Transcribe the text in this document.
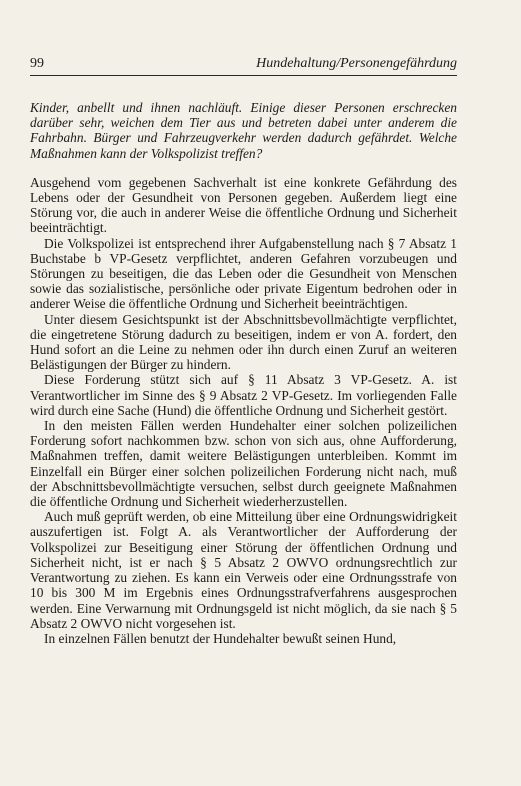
99	Hundehaltung/Personengefährdung

Kinder, anbellt und ihnen nachläuft. Einige dieser Personen erschrecken darüber sehr, weichen dem Tier aus und betreten dabei unter anderem die Fahrbahn. Bürger und Fahrzeugverkehr werden dadurch gefährdet. Welche Maßnahmen kann der Volkspolizist treffen?

Ausgehend vom gegebenen Sachverhalt ist eine konkrete Gefährdung des Lebens oder der Gesundheit von Personen gegeben. Außerdem liegt eine Störung vor, die auch in anderer Weise die öffentliche Ordnung und Sicherheit beeinträchtigt.

Die Volkspolizei ist entsprechend ihrer Aufgabenstellung nach § 7 Absatz 1 Buchstabe b VP-Gesetz verpflichtet, anderen Gefahren vorzubeugen und Störungen zu beseitigen, die das Leben oder die Gesundheit von Menschen sowie das sozialistische, persönliche oder private Eigentum bedrohen oder in anderer Weise die öffentliche Ordnung und Sicherheit beeinträchtigen.

Unter diesem Gesichtspunkt ist der Abschnittsbevollmächtigte verpflichtet, die eingetretene Störung dadurch zu beseitigen, indem er von A. fordert, den Hund sofort an die Leine zu nehmen oder ihn durch einen Zuruf an weiteren Belästigungen der Bürger zu hindern.

Diese Forderung stützt sich auf § 11 Absatz 3 VP-Gesetz. A. ist Verantwortlicher im Sinne des § 9 Absatz 2 VP-Gesetz. Im vorliegenden Falle wird durch eine Sache (Hund) die öffentliche Ordnung und Sicherheit gestört.

In den meisten Fällen werden Hundehalter einer solchen polizeilichen Forderung sofort nachkommen bzw. schon von sich aus, ohne Aufforderung, Maßnahmen treffen, damit weitere Belästigungen unterbleiben. Kommt im Einzelfall ein Bürger einer solchen polizeilichen Forderung nicht nach, muß der Abschnittsbevollmächtigte versuchen, selbst durch geeignete Maßnahmen die öffentliche Ordnung und Sicherheit wiederherzustellen.

Auch muß geprüft werden, ob eine Mitteilung über eine Ordnungswidrigkeit auszufertigen ist. Folgt A. als Verantwortlicher der Aufforderung der Volkspolizei zur Beseitigung einer Störung der öffentlichen Ordnung und Sicherheit nicht, ist er nach § 5 Absatz 2 OWVO ordnungsrechtlich zur Verantwortung zu ziehen. Es kann ein Verweis oder eine Ordnungsstrafe von 10 bis 300 M im Ergebnis eines Ordnungsstrafverfahrens ausgesprochen werden. Eine Verwarnung mit Ordnungsgeld ist nicht möglich, da sie nach § 5 Absatz 2 OWVO nicht vorgesehen ist.

In einzelnen Fällen benutzt der Hundehalter bewußt seinen Hund,
